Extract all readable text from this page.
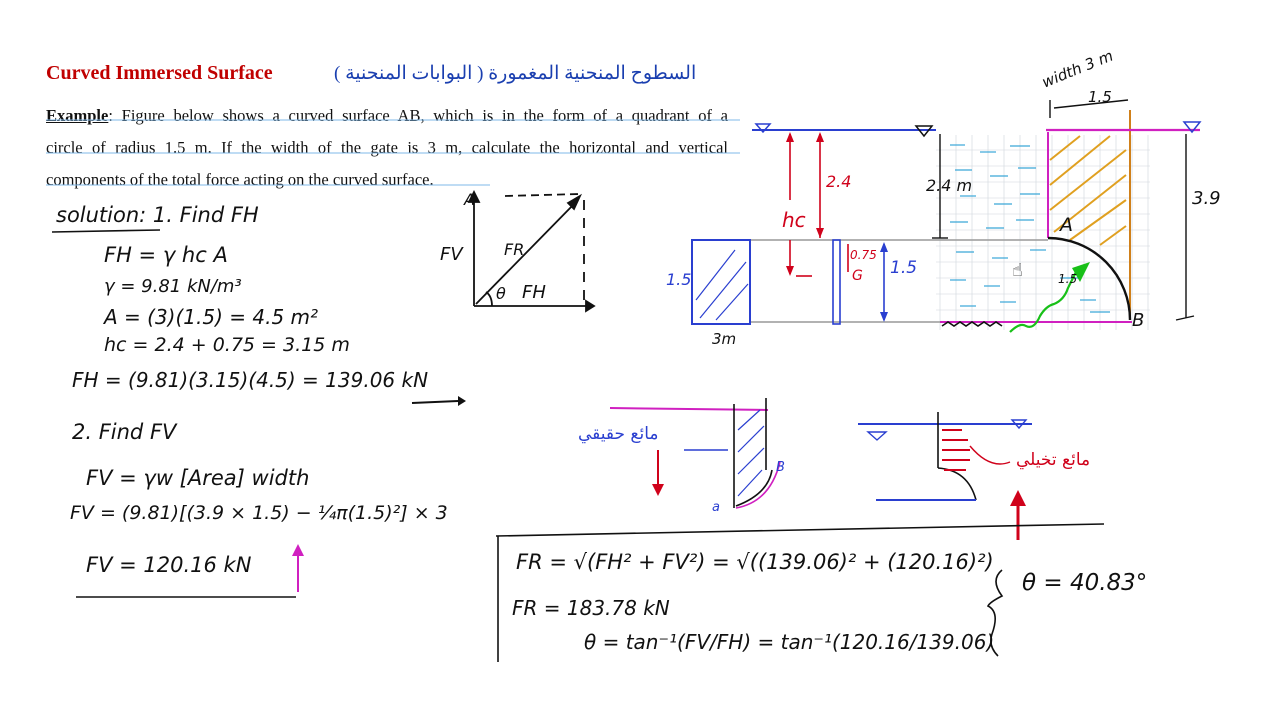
Curved Immersed Surface	السطوح المنحنية المغمورة ( البوابات المنحنية )
Example: Figure below shows a curved surface AB, which is in the form of a quadrant of a
circle of radius 1.5 m. If the width of the gate is 3 m, calculate the horizontal and vertical
components of the total force acting on the curved surface.
☝
solution: 1. Find FH
FH = γ hc A
γ = 9.81 kN/m³
A = (3)(1.5) = 4.5 m²
hc = 2.4 + 0.75 = 3.15 m
FH = (9.81)(3.15)(4.5) = 139.06 kN
2. Find FV
FV = γw [Area] width
FV = (9.81)[(3.9 × 1.5) − ¼π(1.5)²] × 3
FV = 120.16 kN
A
FV	FR
θ FH
2.4
hc
0.75
G
1.5
1.5
3m
2.4 m
A
B
1.5
width 3 m
1.5
3.9
مائع حقيقي
B
a
مائع تخيلي
FR = √(FH² + FV²) = √((139.06)² + (120.16)²)
FR = 183.78 kN
θ = tan⁻¹(FV/FH) = tan⁻¹(120.16/139.06)
θ = 40.83°
